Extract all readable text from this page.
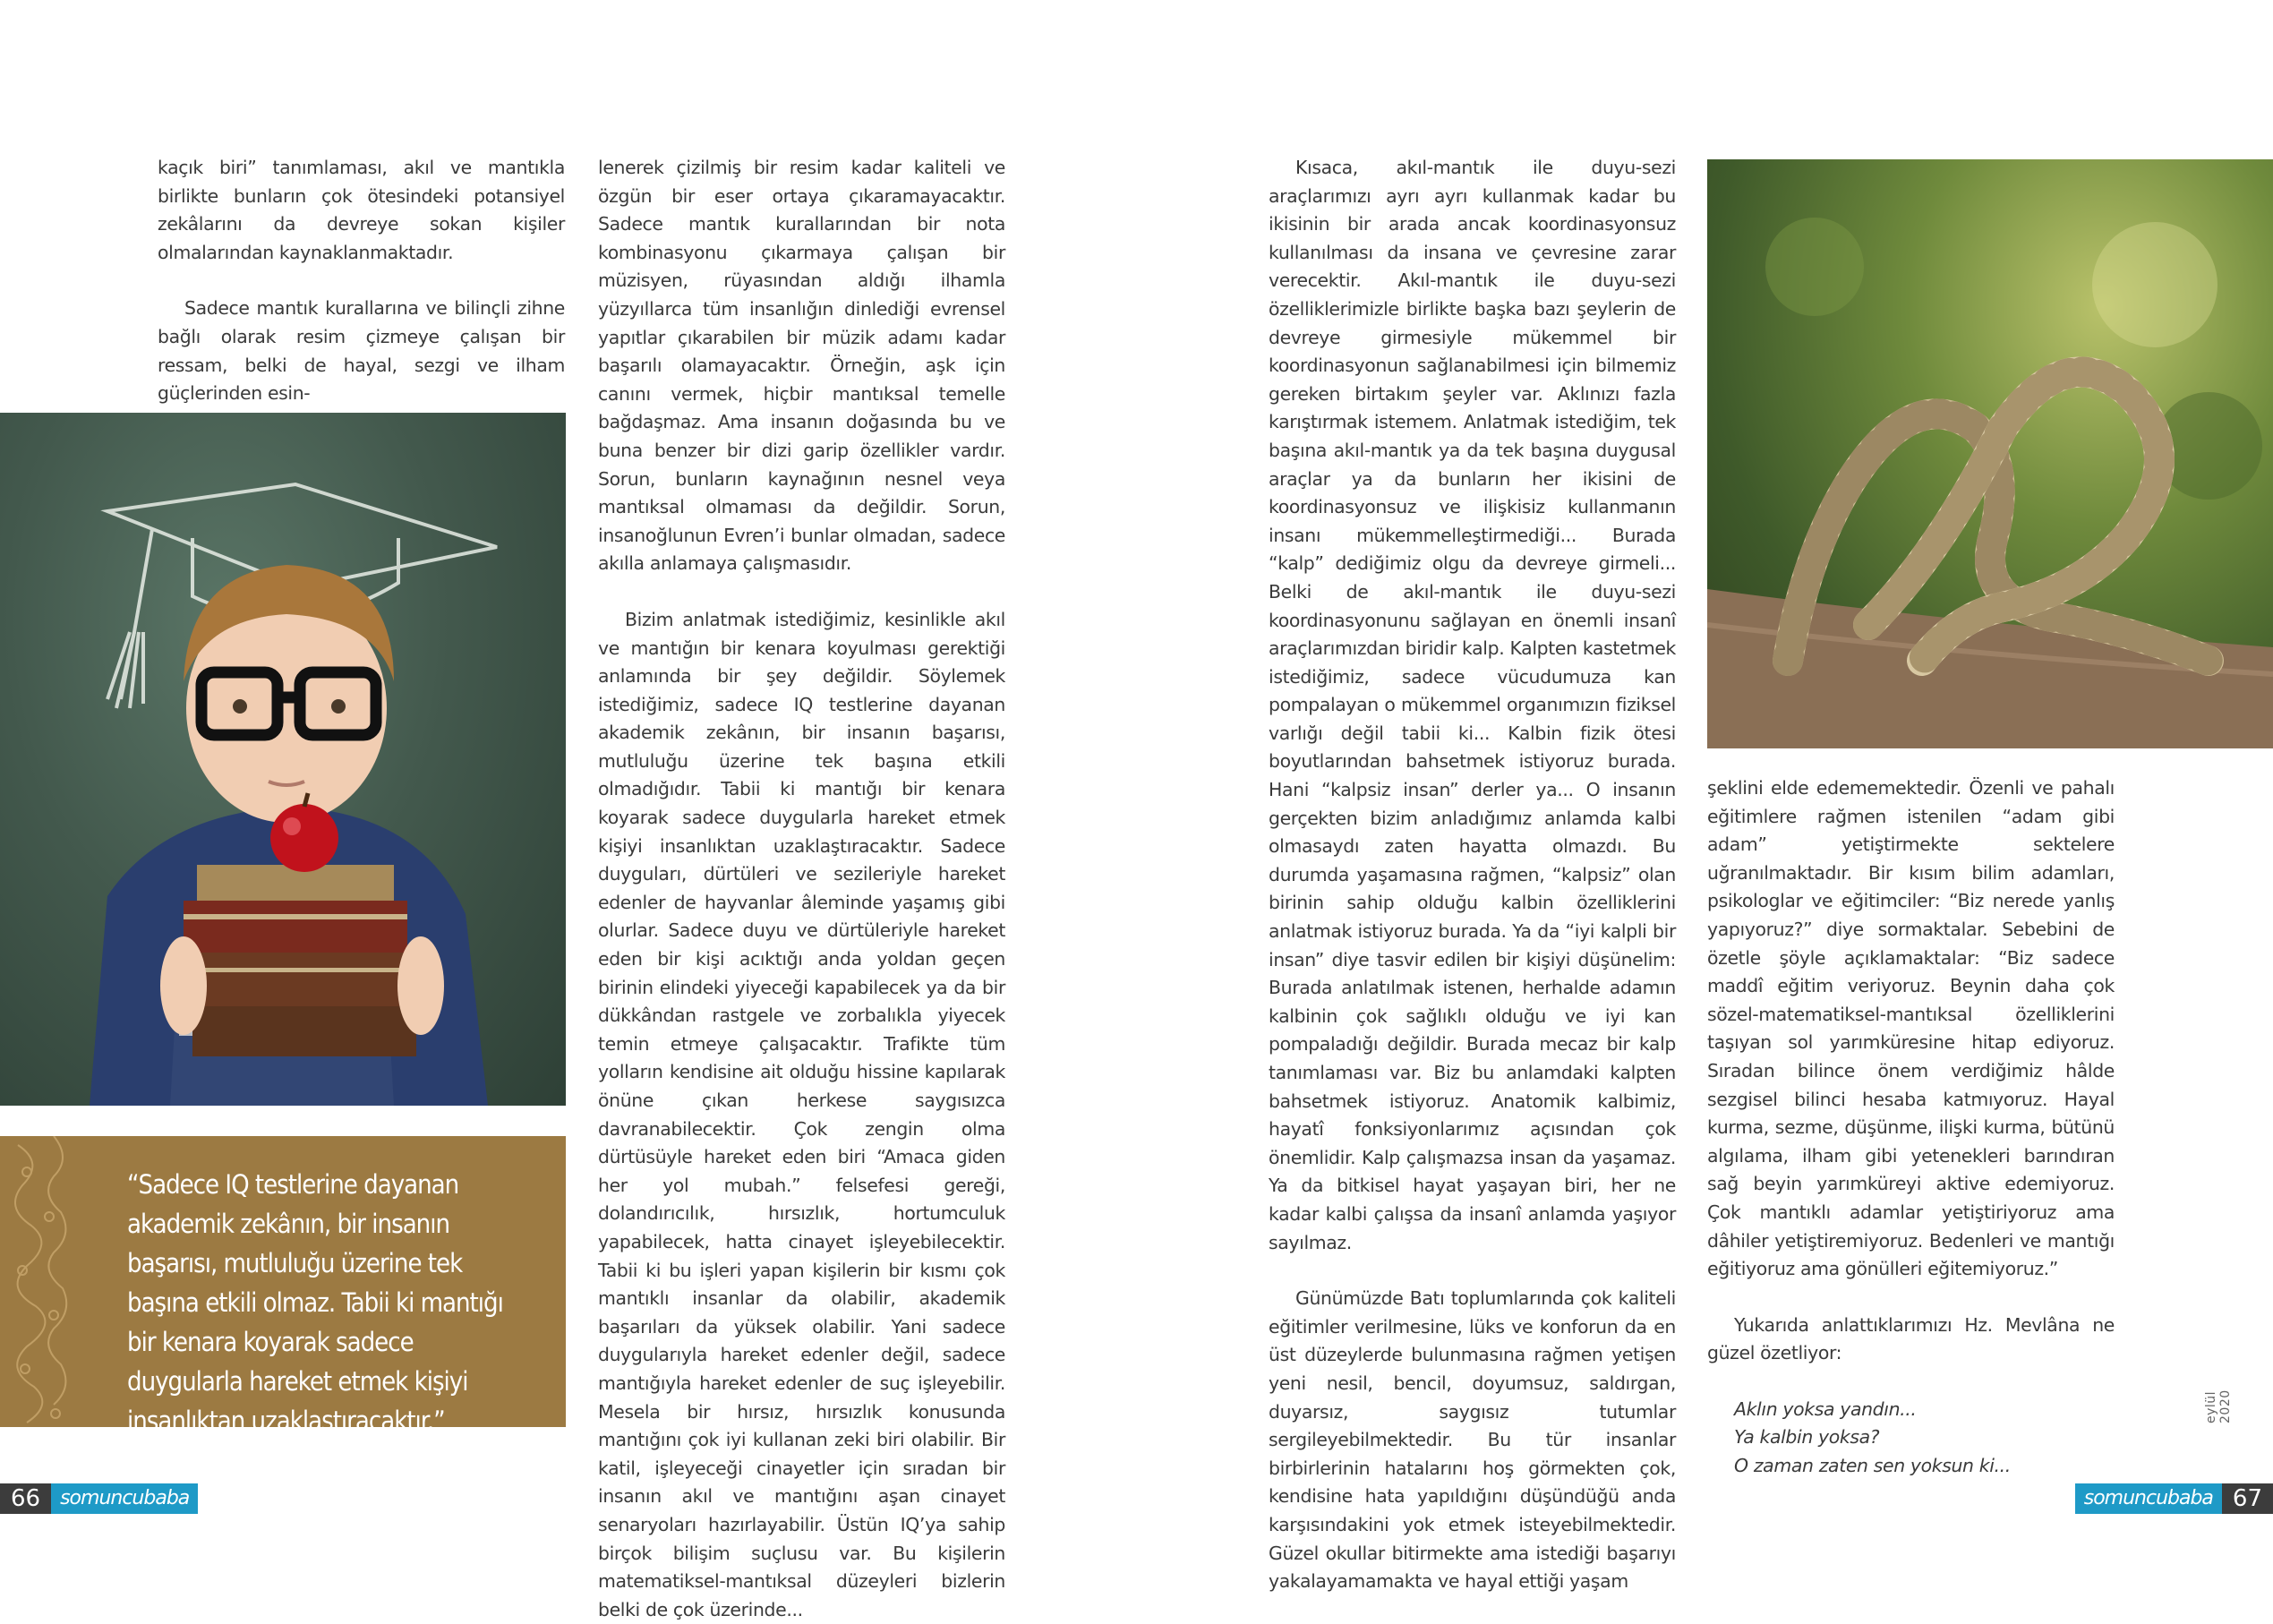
kaçık biri” tanımlaması, akıl ve mantıkla birlikte bunların çok ötesindeki potansiyel zekâlarını da devreye sokan kişiler olmalarından kaynaklanmaktadır.

Sadece mantık kurallarına ve bilinçli zihne bağlı olarak resim çizmeye çalışan bir ressam, belki de hayal, sezgi ve ilham güçlerinden esin-

lenerek çizilmiş bir resim kadar kaliteli ve özgün bir eser ortaya çıkaramayacaktır. Sadece mantık kurallarından bir nota kombinasyonu çıkarmaya çalışan bir müzisyen, rüyasından aldığı ilhamla yüzyıllarca tüm insanlığın dinlediği evrensel yapıtlar çıkarabilen bir müzik adamı kadar başarılı olamayacaktır. Örneğin, aşk için canını vermek, hiçbir mantıksal temelle bağdaşmaz. Ama insanın doğasında bu ve buna benzer bir dizi garip özellikler vardır. Sorun, bunların kaynağının nesnel veya mantıksal olmaması da değildir. Sorun, insanoğlunun Evren’i bunlar olmadan, sadece akılla anlamaya çalışmasıdır.

Bizim anlatmak istediğimiz, kesinlikle akıl ve mantığın bir kenara koyulması gerektiği anlamında bir şey değildir. Söylemek istediğimiz, sadece IQ testlerine dayanan akademik zekânın, bir insanın başarısı, mutluluğu üzerine tek başına etkili olmadığıdır. Tabii ki mantığı bir kenara koyarak sadece duygularla hareket etmek kişiyi insanlıktan uzaklaştıracaktır. Sadece duyguları, dürtüleri ve sezileriyle hareket edenler de hayvanlar âleminde yaşamış gibi olurlar. Sadece duyu ve dürtüleriyle hareket eden bir kişi acıktığı anda yoldan geçen birinin elindeki yiyeceği kapabilecek ya da bir dükkândan rastgele ve zorbalıkla yiyecek temin etmeye çalışacaktır. Trafikte tüm yolların kendisine ait olduğu hissine kapılarak önüne çıkan herkese saygısızca davranabilecektir. Çok zengin olma dürtüsüyle hareket eden biri “Amaca giden her yol mubah.” felsefesi gereği, dolandırıcılık, hırsızlık, hortumculuk yapabilecek, hatta cinayet işleyebilecektir. Tabii ki bu işleri yapan kişilerin bir kısmı çok mantıklı insanlar da olabilir, akademik başarıları da yüksek olabilir. Yani sadece duygularıyla hareket edenler değil, sadece mantığıyla hareket edenler de suç işleyebilir. Mesela bir hırsız, hırsızlık konusunda mantığını çok iyi kullanan zeki biri olabilir. Bir katil, işleyeceği cinayetler için sıradan bir insanın akıl ve mantığını aşan cinayet senaryoları hazırlayabilir. Üstün IQ’ya sahip birçok bilişim suçlusu var. Bu kişilerin matematiksel-mantıksal düzeyleri bizlerin belki de çok üzerinde...

“Sadece IQ testlerine dayanan akademik zekânın, bir insanın başarısı, mutluluğu üzerine tek başına etkili olmaz. Tabii ki mantığı bir kenara koyarak sadece duygularla hareket etmek kişiyi insanlıktan uzaklaştıracaktır.”
66	somuncubaba

Kısaca, akıl-mantık ile duyu-sezi araçlarımızı ayrı ayrı kullanmak kadar bu ikisinin bir arada ancak koordinasyonsuz kullanılması da insana ve çevresine zarar verecektir. Akıl-mantık ile duyu-sezi özelliklerimizle birlikte başka bazı şeylerin de devreye girmesiyle mükemmel bir koordinasyonun sağlanabilmesi için bilmemiz gereken birtakım şeyler var. Aklınızı fazla karıştırmak istemem. Anlatmak istediğim, tek başına akıl-mantık ya da tek başına duygusal araçlar ya da bunların her ikisini de koordinasyonsuz ve ilişkisiz kullanmanın insanı mükemmelleştirmediği... Burada “kalp” dediğimiz olgu da devreye girmeli... Belki de akıl-mantık ile duyu-sezi koordinasyonunu sağlayan en önemli insanî araçlarımızdan biridir kalp. Kalpten kastetmek istediğimiz, sadece vücudumuza kan pompalayan o mükemmel organımızın fiziksel varlığı değil tabii ki... Kalbin fizik ötesi boyutlarından bahsetmek istiyoruz burada. Hani “kalpsiz insan” derler ya... O insanın gerçekten bizim anladığımız anlamda kalbi olmasaydı zaten hayatta olmazdı. Bu durumda yaşamasına rağmen, “kalpsiz” olan birinin sahip olduğu kalbin özelliklerini anlatmak istiyoruz burada. Ya da “iyi kalpli bir insan” diye tasvir edilen bir kişiyi düşünelim: Burada anlatılmak istenen, herhalde adamın kalbinin çok sağlıklı olduğu ve iyi kan pompaladığı değildir. Burada mecaz bir kalp tanımlaması var. Biz bu anlamdaki kalpten bahsetmek istiyoruz. Anatomik kalbimiz, hayatî fonksiyonlarımız açısından çok önemlidir. Kalp çalışmazsa insan da yaşamaz. Ya da bitkisel hayat yaşayan biri, her ne kadar kalbi çalışsa da insanî anlamda yaşıyor sayılmaz.

Günümüzde Batı toplumlarında çok kaliteli eğitimler verilmesine, lüks ve konforun da en üst düzeylerde bulunmasına rağmen yetişen yeni nesil, bencil, doyumsuz, saldırgan, duyarsız, saygısız tutumlar sergileyebilmektedir. Bu tür insanlar birbirlerinin hatalarını hoş görmekten çok, kendisine hata yapıldığını düşündüğü anda karşısındakini yok etmek isteyebilmektedir. Güzel okullar bitirmekte ama istediği başarıyı yakalayamamakta ve hayal ettiği yaşam

şeklini elde edememektedir. Özenli ve pahalı eğitimlere rağmen istenilen “adam gibi adam” yetiştirmekte sektelere uğranılmaktadır. Bir kısım bilim adamları, psikologlar ve eğitimciler: “Biz nerede yanlış yapıyoruz?” diye sormaktalar. Sebebini de özetle şöyle açıklamaktalar: “Biz sadece maddî eğitim veriyoruz. Beynin daha çok sözel-matematiksel-mantıksal özelliklerini taşıyan sol yarımküresine hitap ediyoruz. Sıradan bilince önem verdiğimiz hâlde sezgisel bilinci hesaba katmıyoruz. Hayal kurma, sezme, düşünme, ilişki kurma, bütünü algılama, ilham gibi yetenekleri barındıran sağ beyin yarımküreyi aktive edemiyoruz. Çok mantıklı adamlar yetiştiriyoruz ama dâhiler yetiştiremiyoruz. Bedenleri ve mantığı eğitiyoruz ama gönülleri eğitemiyoruz.”

Yukarıda anlattıklarımızı Hz. Mevlâna ne güzel özetliyor:

Aklın yoksa yandın...

Ya kalbin yoksa?

O zaman zaten sen yoksun ki...

eylül 2020
somuncubaba 67
